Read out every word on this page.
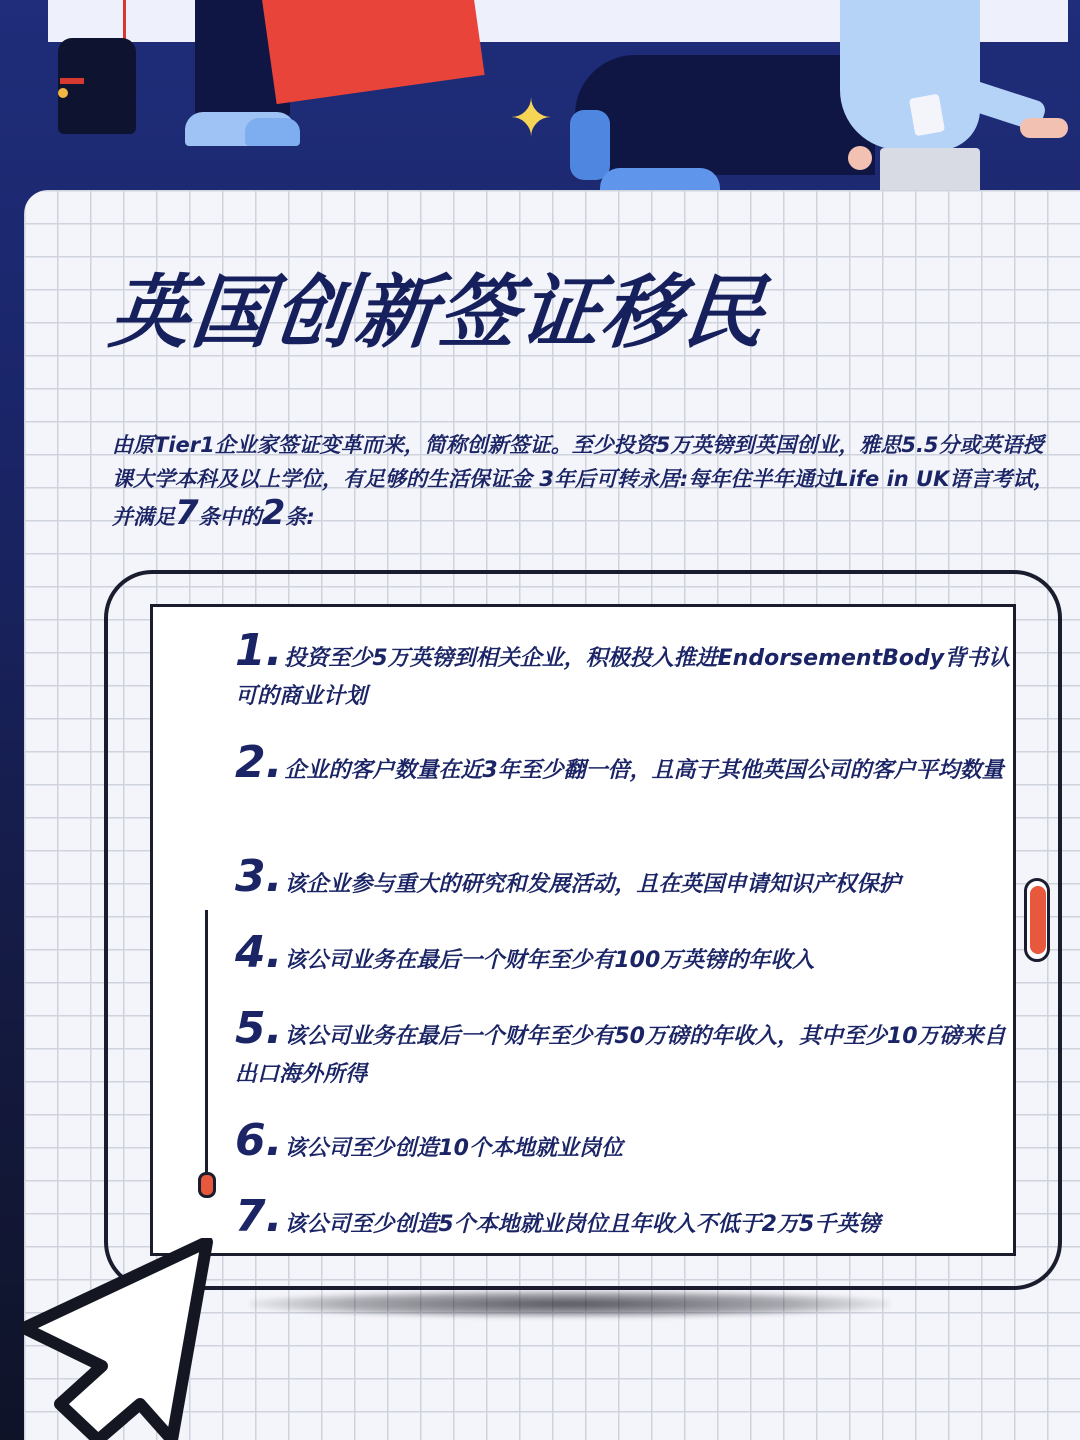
✦
英国创新签证移民

由原Tier1企业家签证变革而来，简称创新签证。至少投资5万英镑到英国创业，雅思5.5分或英语授课大学本科及以上学位，有足够的生活保证金 3年后可转永居:每年住半年通过Life in UK语言考试，并满足7条中的2条:

1.投资至少5万英镑到相关企业，积极投入推进EndorsementBody背书认可的商业计划
2.企业的客户数量在近3年至少翻一倍，且高于其他英国公司的客户平均数量
3.该企业参与重大的研究和发展活动，且在英国申请知识产权保护
4.该公司业务在最后一个财年至少有100万英镑的年收入
5.该公司业务在最后一个财年至少有50万磅的年收入，其中至少10万磅来自出口海外所得
6.该公司至少创造10个本地就业岗位
7.该公司至少创造5个本地就业岗位且年收入不低于2万5千英镑
